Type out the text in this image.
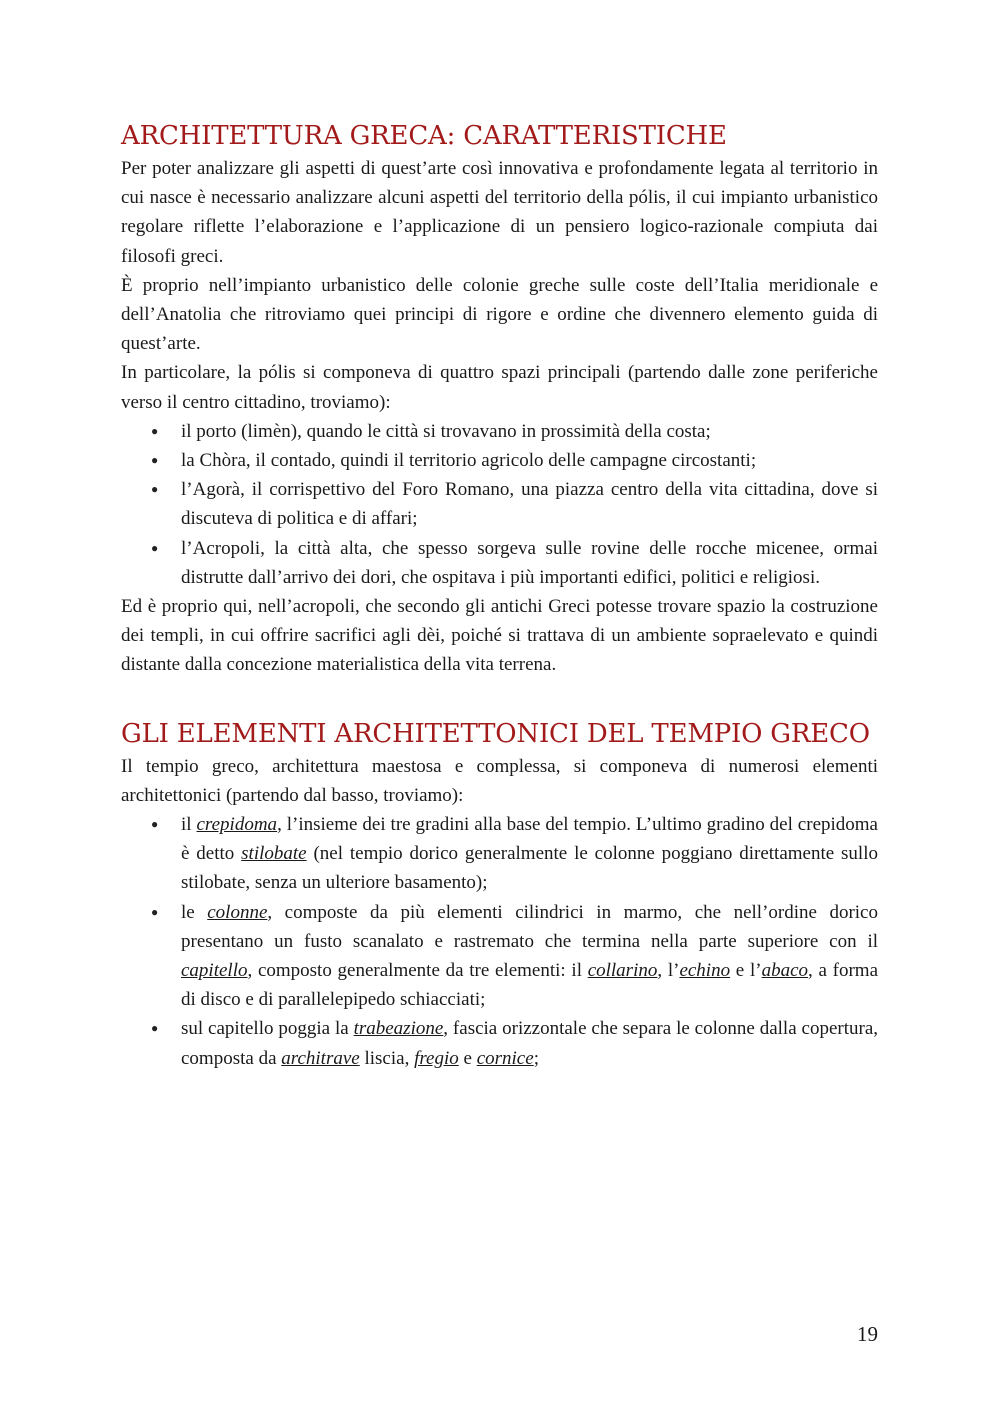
ARCHITETTURA GRECA: CARATTERISTICHE

Per poter analizzare gli aspetti di quest’arte così innovativa e profondamente legata al territorio in cui nasce è necessario analizzare alcuni aspetti del territorio della pólis, il cui impianto urbanistico regolare riflette l’elaborazione e l’applicazione di un pensiero logico-razionale compiuta dai filosofi greci.

È proprio nell’impianto urbanistico delle colonie greche sulle coste dell’Italia meridionale e dell’Anatolia che ritroviamo quei principi di rigore e ordine che divennero elemento guida di quest’arte.

In particolare, la pólis si componeva di quattro spazi principali (partendo dalle zone periferiche verso il centro cittadino, troviamo):

● il porto (limèn), quando le città si trovavano in prossimità della costa;
● la Chòra, il contado, quindi il territorio agricolo delle campagne circostanti;
● l’Agorà, il corrispettivo del Foro Romano, una piazza centro della vita cittadina, dove si discuteva di politica e di affari;
● l’Acropoli, la città alta, che spesso sorgeva sulle rovine delle rocche micenee, ormai distrutte dall’arrivo dei dori, che ospitava i più importanti edifici, politici e religiosi.

Ed è proprio qui, nell’acropoli, che secondo gli antichi Greci potesse trovare spazio la costruzione dei templi, in cui offrire sacrifici agli dèi, poiché si trattava di un ambiente sopraelevato e quindi distante dalla concezione materialistica della vita terrena.

GLI ELEMENTI ARCHITETTONICI DEL TEMPIO GRECO

Il tempio greco, architettura maestosa e complessa, si componeva di numerosi elementi architettonici (partendo dal basso, troviamo):

● il crepidoma, l’insieme dei tre gradini alla base del tempio. L’ultimo gradino del crepidoma è detto stilobate (nel tempio dorico generalmente le colonne poggiano direttamente sullo stilobate, senza un ulteriore basamento);
● le colonne, composte da più elementi cilindrici in marmo, che nell’ordine dorico presentano un fusto scanalato e rastremato che termina nella parte superiore con il capitello, composto generalmente da tre elementi: il collarino, l’echino e l’abaco, a forma di disco e di parallelepipedo schiacciati;
● sul capitello poggia la trabeazione, fascia orizzontale che separa le colonne dalla copertura, composta da architrave liscia, fregio e cornice;
19
